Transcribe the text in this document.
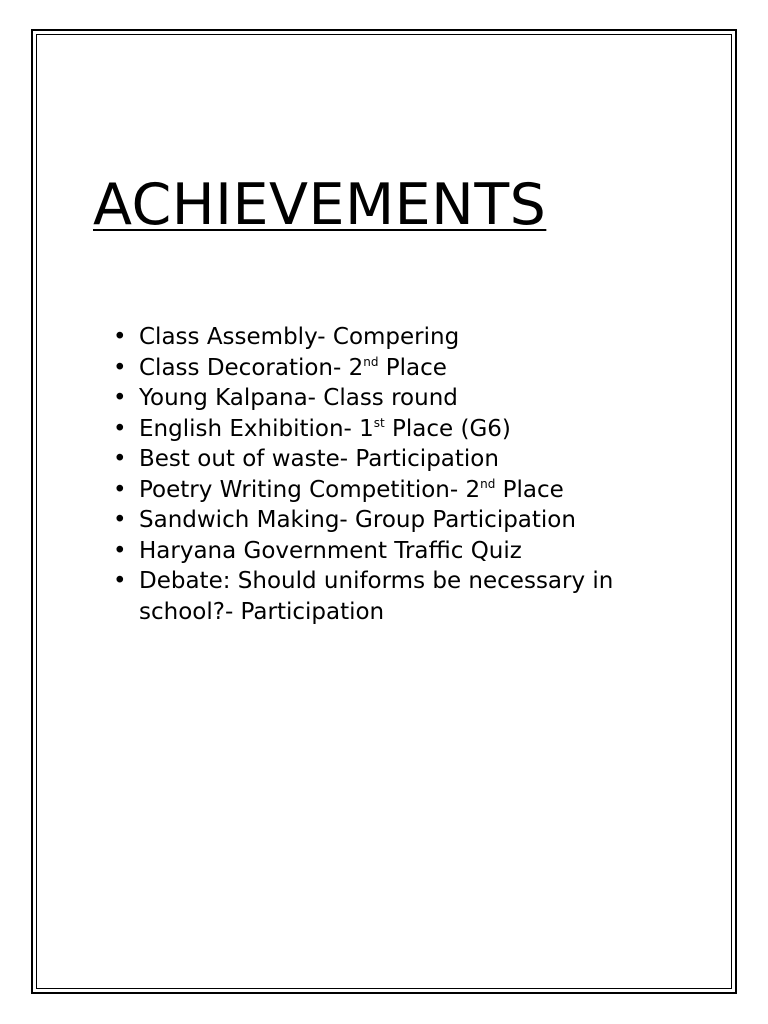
ACHIEVEMENTS
• Class Assembly- Compering
• Class Decoration- 2nd Place
• Young Kalpana- Class round
• English Exhibition- 1st Place (G6)
• Best out of waste- Participation
• Poetry Writing Competition- 2nd Place
• Sandwich Making- Group Participation
• Haryana Government Traffic Quiz
• Debate: Should uniforms be necessary in school?- Participation
